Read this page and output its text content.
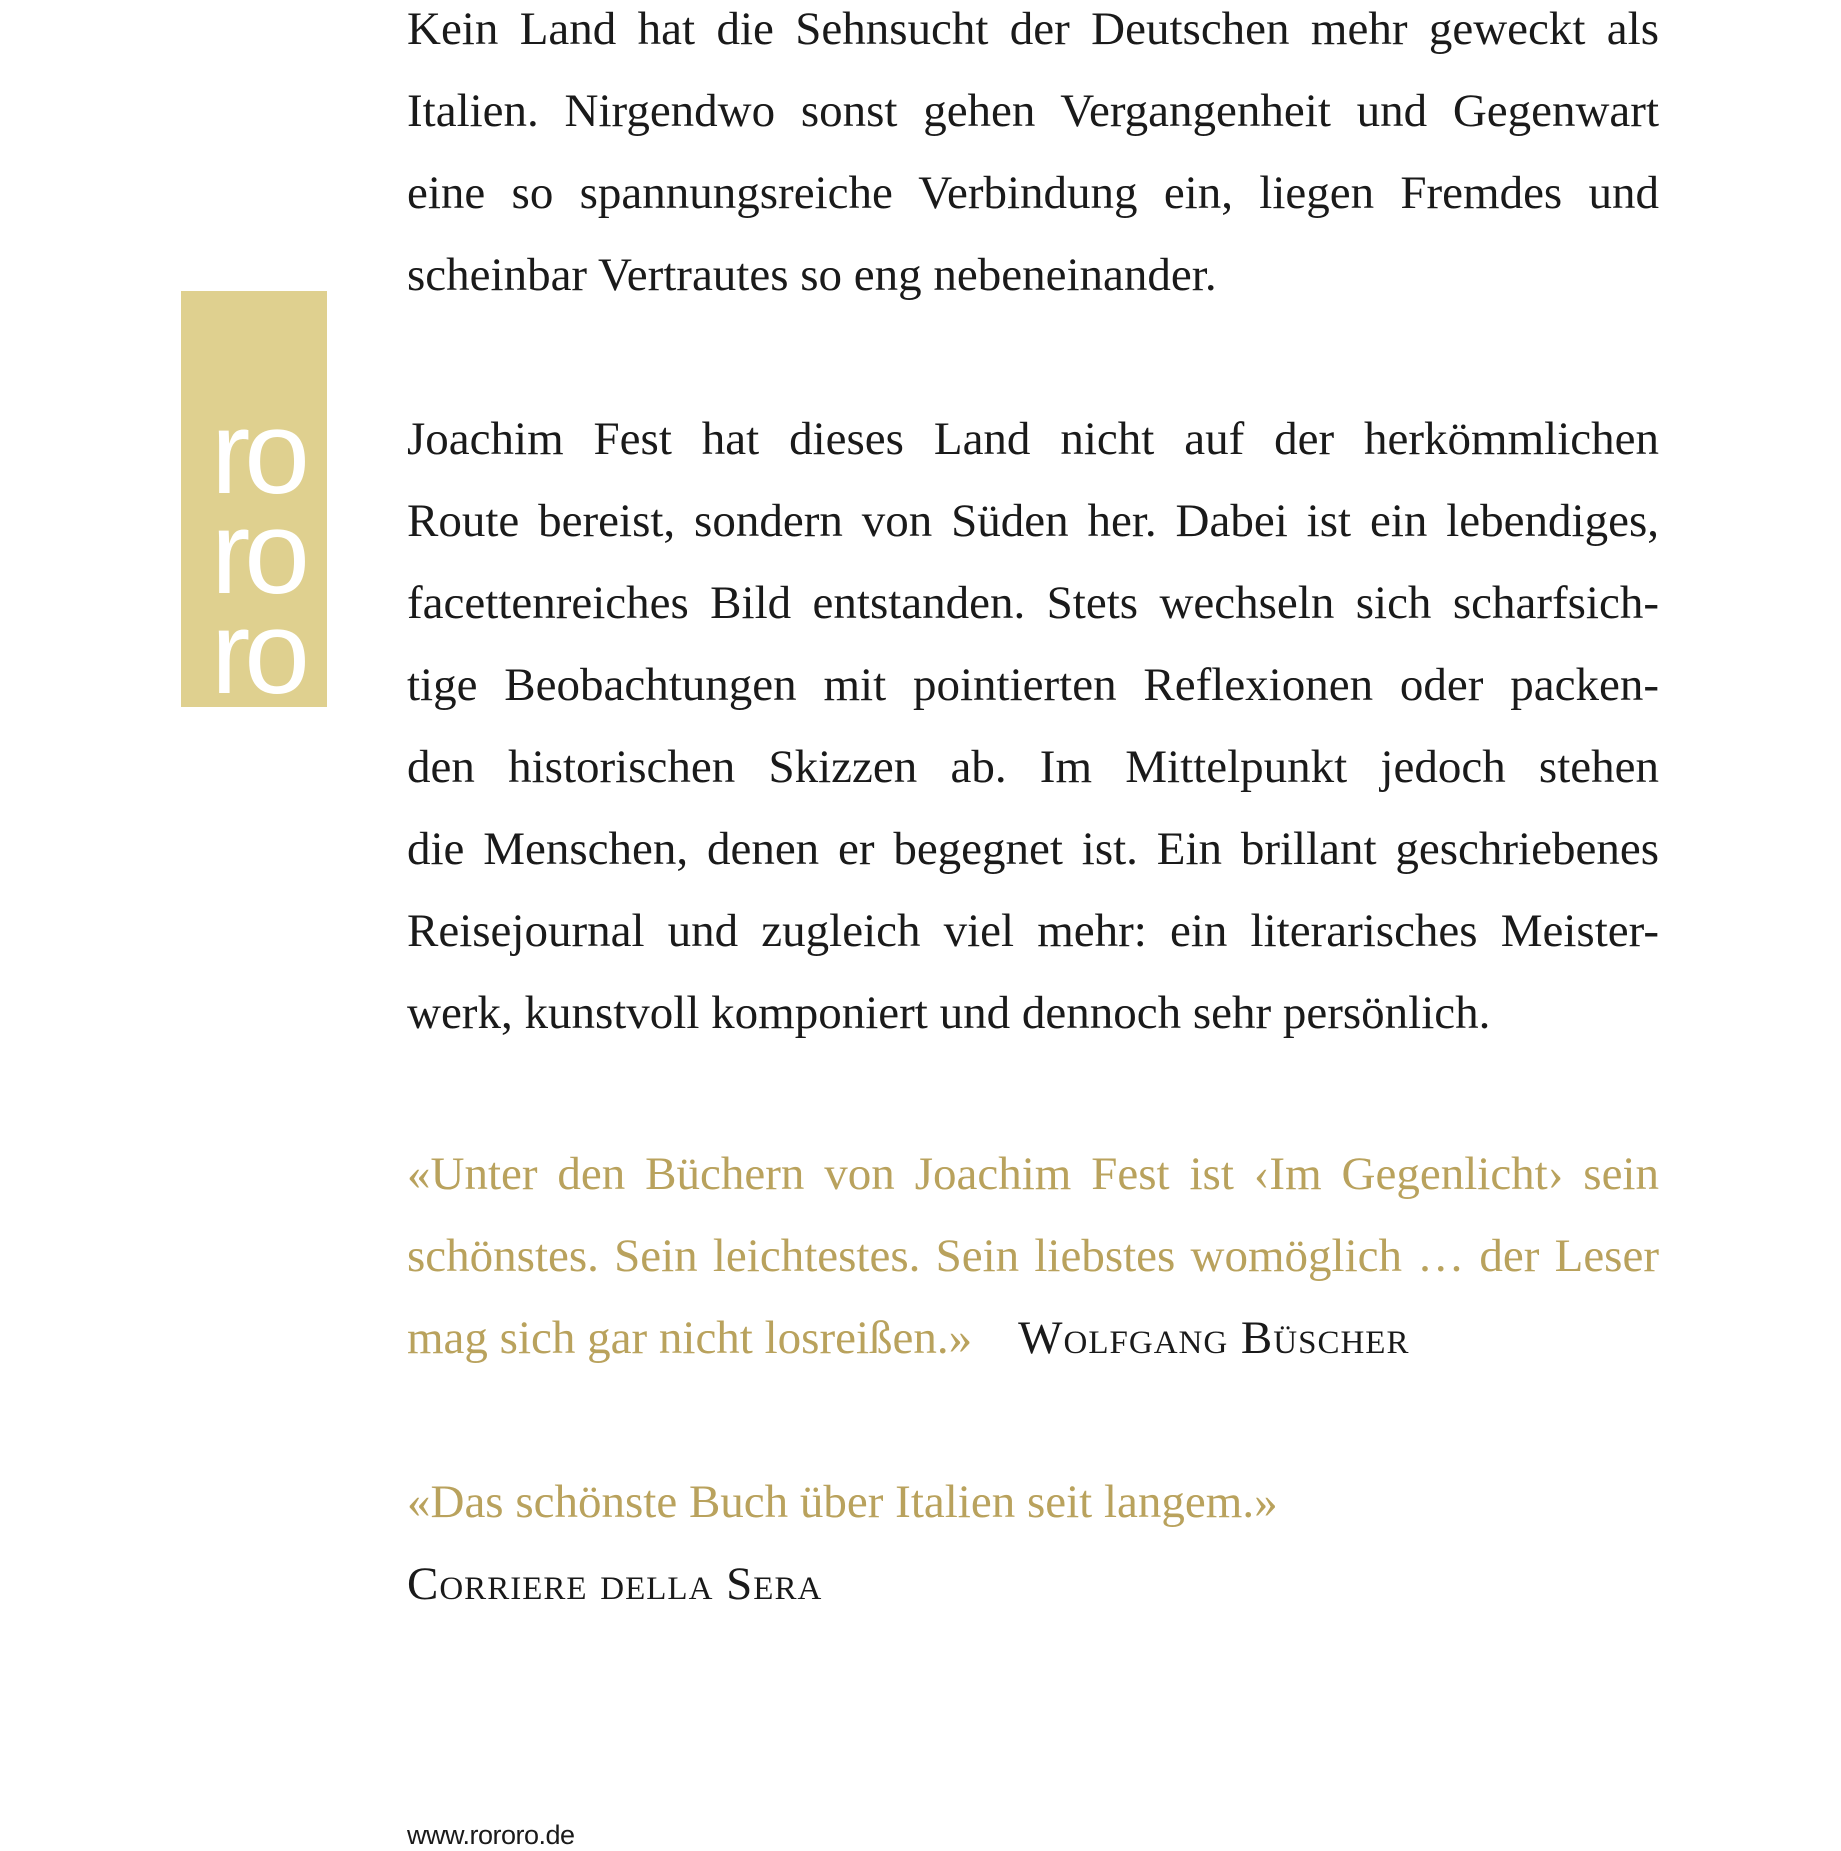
ro
ro
ro
Kein Land hat die Sehnsucht der Deutschen mehr geweckt als
Italien. Nirgendwo sonst gehen Vergangenheit und Gegenwart
eine so spannungsreiche Verbindung ein, liegen Fremdes und
scheinbar Vertrautes so eng nebeneinander.
Joachim Fest hat dieses Land nicht auf der herkömmlichen
Route bereist, sondern von Süden her. Dabei ist ein lebendiges,
facettenreiches Bild entstanden. Stets wechseln sich scharfsich-
tige Beobachtungen mit pointierten Reflexionen oder packen-
den historischen Skizzen ab. Im Mittelpunkt jedoch stehen
die Menschen, denen er begegnet ist. Ein brillant geschriebenes
Reisejournal und zugleich viel mehr: ein literarisches Meister-
werk, kunstvoll komponiert und dennoch sehr persönlich.
«Unter den Büchern von Joachim Fest ist ‹Im Gegenlicht› sein
schönstes. Sein leichtestes. Sein liebstes womöglich … der Leser
mag sich gar nicht losreißen.» Wolfgang Büscher
«Das schönste Buch über Italien seit langem.»
Corriere della Sera
www.rororo.de
